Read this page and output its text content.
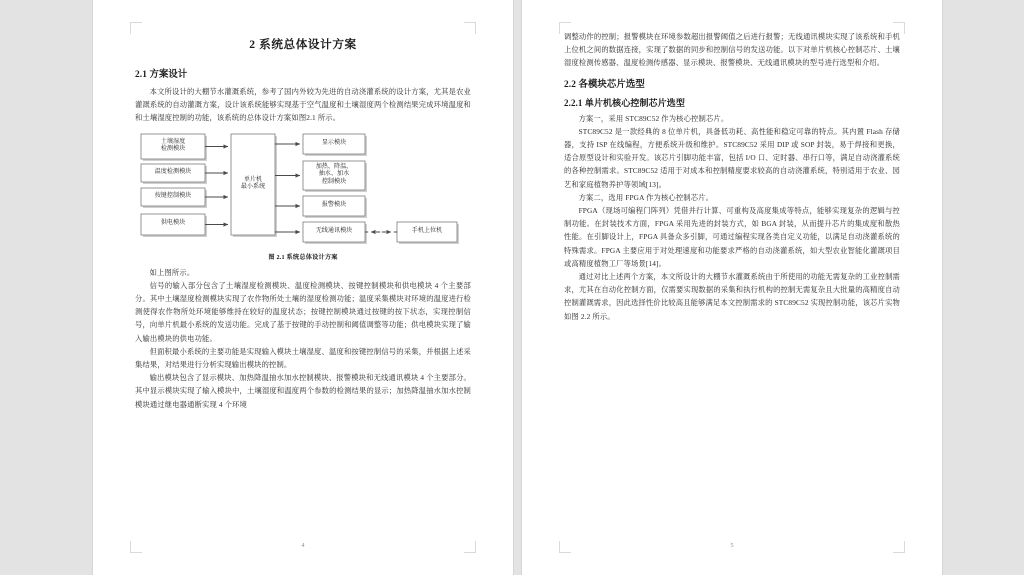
2 系统总体设计方案
2.1 方案设计

本文所设计的大棚节水灌溉系统，参考了国内外较为先进的自动浇灌系统的设计方案，尤其是农业灌溉系统的自动灌溉方案，设计该系统能够实现基于空气温度和土壤湿度两个检测结果完成环境温度和和土壤湿度控制的功能，该系统的总体设计方案如图2.1 所示。

土壤湿度
检测模块
温度检测模块
按键控制模块
供电模块
单片机
最小系统
显示模块
加热、降温、
抽水、加水
控制模块
报警模块
无线通讯模块	手机上位机
图 2.1 系统总体设计方案

如上图所示。

信号的输入部分包含了土壤湿度检测模块、温度检测模块、按键控制模块和供电模块 4 个主要部分。其中土壤湿度检测模块实现了农作物所处土壤的湿度检测功能；温度采集模块对环境的温度进行检测使得农作物所处环境能够维持在较好的温度状态；按键控制模块通过按键的按下状态，实现控制信号，向单片机最小系统的发送功能。完成了基于按键的手动控制和阈值调整等功能；供电模块实现了输入输出模块的供电功能。

但面积最小系统的主要功能是实现输入模块土壤湿度、温度和按键控制信号的采集，并根据上述采集结果，对结果进行分析实现输出模块的控制。

输出模块包含了显示模块、加热降温抽水加水控制模块、报警模块和无线通讯模块 4 个主要部分。其中显示模块实现了输入模块中，土壤湿度和温度两个参数的检测结果的显示；加热降温抽水加水控制模块通过继电器通断实现 4 个环境

4

调整动作的控制；报警模块在环境参数超出报警阈值之后进行报警；无线通讯模块实现了该系统和手机上位机之间的数据连接，实现了数据的同步和控制信号的发送功能。以下对单片机核心控制芯片、土壤湿度检测传感器、温度检测传感器、显示模块、报警模块、无线通讯模块的型号进行选型和介绍。

2.2 各模块芯片选型
2.2.1 单片机核心控制芯片选型

方案一，采用 STC89C52 作为核心控制芯片。

STC89C52 是一款经典的 8 位单片机，具备低功耗、高性能和稳定可靠的特点。其内置 Flash 存储器，支持 ISP 在线编程，方便系统升级和维护。STC89C52 采用 DIP 或 SOP 封装，易于焊接和更换，适合原型设计和实验开发。该芯片引脚功能丰富，包括 I/O 口、定时器、串行口等，满足自动浇灌系统的各种控制需求。STC89C52 适用于对成本和控制精度要求较高的自动浇灌系统，特别适用于农业、园艺和家庭植物养护等领域[13]。

方案二，选用 FPGA 作为核心控制芯片。

FPGA（现场可编程门阵列）凭借并行计算、可重构及高度集成等特点，能够实现复杂的逻辑与控制功能。在封装技术方面，FPGA 采用先进的封装方式，如 BGA 封装，从而提升芯片的集成度和散热性能。在引脚设计上，FPGA 具备众多引脚，可通过编程实现各类自定义功能，以满足自动浇灌系统的特殊需求。FPGA 主要应用于对处理速度和功能要求严格的自动浇灌系统，如大型农业智能化灌溉项目或高精度植物工厂等场景[14]。

通过对比上述两个方案，本文所设计的大棚节水灌溉系统由于所使用的功能无需复杂的工业控制需求，尤其在自动化控制方面，仅需要实现数据的采集和执行机构的控制无需复杂且大批量的高精度自动控制灌溉需求，因此选择性价比较高且能够满足本文控制需求的 STC89C52 实现控制功能，该芯片实物如图 2.2 所示。

5
